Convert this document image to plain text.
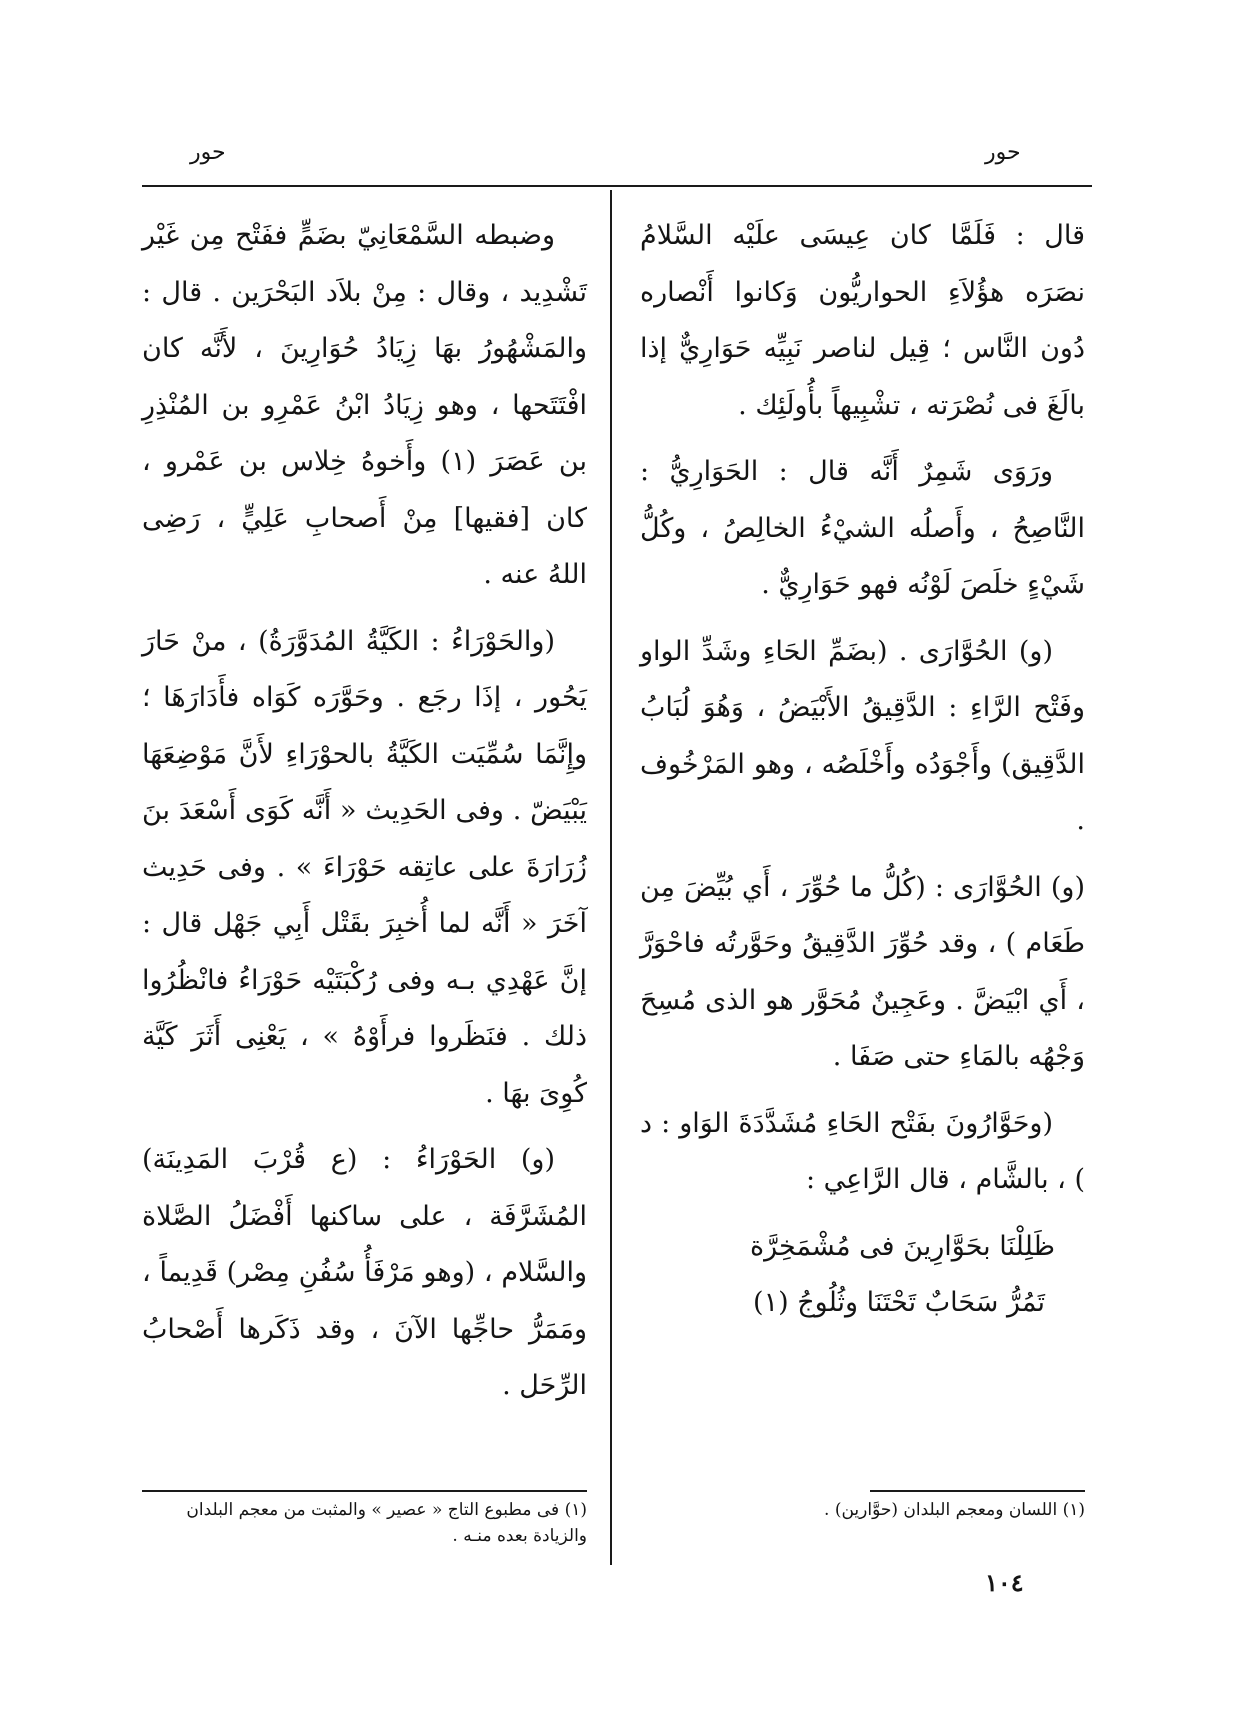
حور
حور

قال : فَلَمَّا كان عِيسَى علَيْه السَّلامُ نصَرَه هؤُلاَءِ الحواريُّون وَكانوا أَنْصاره دُون النَّاس ؛ قِيل لناصر نَبِيِّه حَوَارِيٌّ إذا بالَغَ فى نُصْرَته ، تشْبِيهاً بأُولَئِك .

ورَوَى شَمِرٌ أَنَّه قال : الحَوَارِيُّ : النَّاصِحُ ، وأَصلُه الشيْءُ الخالِصُ ، وكُلُّ شَيْءٍ خلَصَ لَوْنُه فهو حَوَارِيٌّ .

(و) الحُوَّارَى . (بضَمِّ الحَاءِ وشَدِّ الواو وفَتْح الرَّاءِ : الدَّقِيقُ الأَبْيَضُ ، وَهُوَ لُبَابُ الدَّقِيق) وأَجْوَدُه وأَخْلَصُه ، وهو المَرْخُوف .

(و) الحُوَّارَى : (كُلُّ ما حُوِّرَ ، أَي بُيِّضَ مِن طَعَام ) ، وقد حُوِّرَ الدَّقِيقُ وحَوَّرتُه فاحْوَرَّ ، أَي ابْيَضَّ . وعَجِينٌ مُحَوَّر هو الذى مُسِحَ وَجْهُه بالمَاءِ حتى صَفَا .

(وحَوَّارُونَ بفَتْح الحَاءِ مُشَدَّدَةَ الوَاو : د ) ، بالشَّام ، قال الرَّاعِي :

ظَلِلْنَا بحَوَّارِينَ فى مُشْمَخِرَّة

تَمُرُّ سَحَابٌ تَحْتَنَا وثُلُوجُ (١)

وضبطه السَّمْعَانِيّ بضَمٍّ ففَتْح مِن غَيْر تَشْدِيد ، وقال : مِنْ بلاَد البَحْرَين . قال : والمَشْهُورُ بهَا زِيَادُ حُوَارِينَ ، لأَنَّه كان افْتَتَحها ، وهو زِيَادُ ابْنُ عَمْرِو بن المُنْذِرِ بن عَصَرَ (١) وأَخوهُ خِلاس بن عَمْرو ، كان [فقيها] مِنْ أَصحابِ عَلِيٍّ ، رَضِى اللهُ عنه .

(والحَوْرَاءُ : الكَيَّةُ المُدَوَّرَةُ) ، منْ حَارَ يَحُور ، إذَا رجَع . وحَوَّرَه كَوَاه فأَدَارَهَا ؛ وإِنَّمَا سُمِّيَت الكَيَّةُ بالحوْرَاءِ لأَنَّ مَوْضِعَهَا يَبْيَضّ . وفى الحَدِيث « أَنَّه كَوَى أَسْعَدَ بنَ زُرَارَةَ على عاتِقه حَوْرَاءَ » . وفى حَدِيث آخَرَ « أَنَّه لما أُخبِرَ بقَتْل أَبِي جَهْل قال : إنَّ عَهْدِي بـه وفى رُكْبَتَيْه حَوْرَاءُ فانْظُرُوا ذلك . فنَظَروا فرأَوْهُ » ، يَعْنِى أَثَرَ كَيَّة كُوِىَ بهَا .

(و) الحَوْرَاءُ : (ع قُرْبَ المَدِينَة) المُشَرَّفَة ، على ساكنها أَفْضَلُ الصَّلاة والسَّلام ، (وهو مَرْفَأُ سُفُنِ مِصْر) قَدِيماً ، ومَمَرُّ حاجِّها الآنَ ، وقد ذَكَرها أَصْحابُ الرِّحَل .

(١) اللسان ومعجم البلدان (حوَّارين) .
(١) فى مطبوع التاج « عصير » والمثبت من معجم البلدان والزيادة بعده منـه .
١٠٤
